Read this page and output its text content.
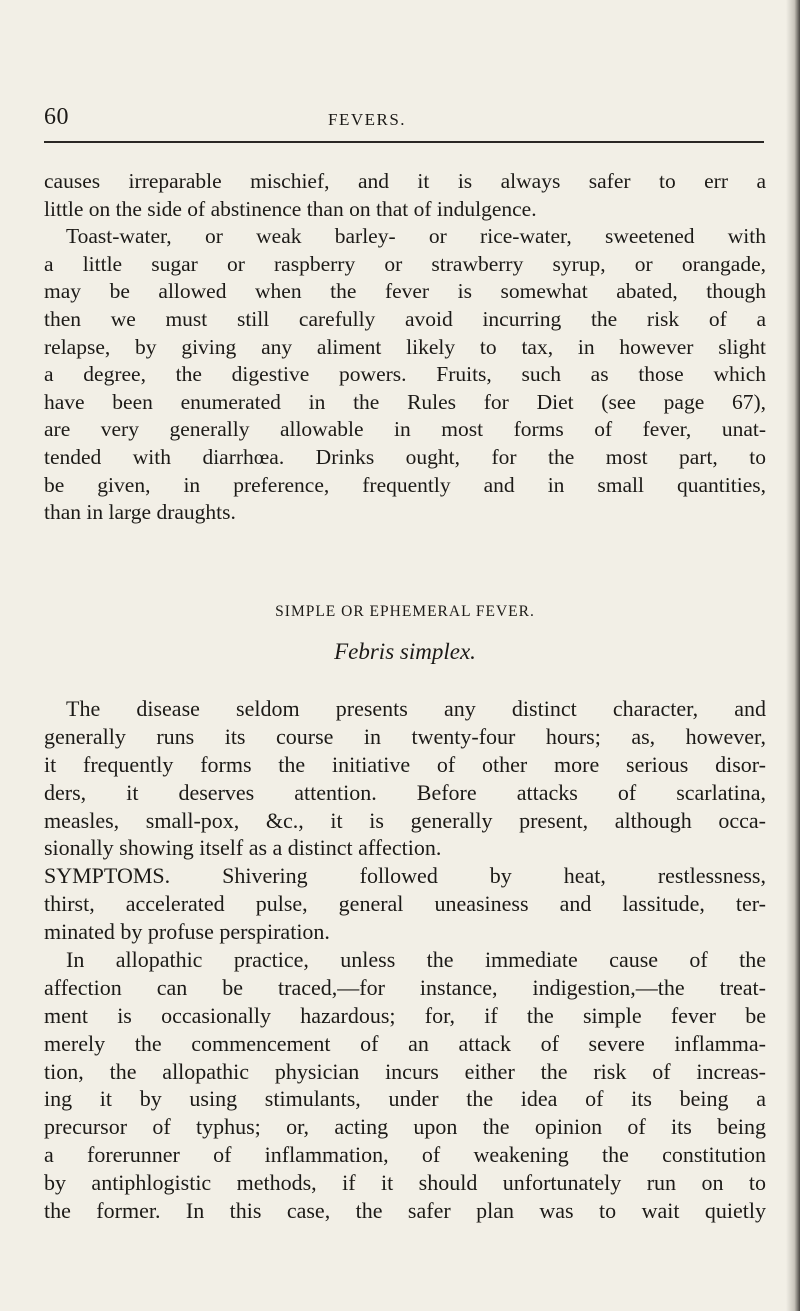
60	FEVERS.
causes irreparable mischief, and it is always safer to err a
little on the side of abstinence than on that of indulgence.
Toast-water, or weak barley- or rice-water, sweetened with
a little sugar or raspberry or strawberry syrup, or orangade,
may be allowed when the fever is somewhat abated, though
then we must still carefully avoid incurring the risk of a
relapse, by giving any aliment likely to tax, in however slight
a degree, the digestive powers. Fruits, such as those which
have been enumerated in the Rules for Diet (see page 67),
are very generally allowable in most forms of fever, unat-
tended with diarrhœa. Drinks ought, for the most part, to
be given, in preference, frequently and in small quantities,
than in large draughts.
SIMPLE OR EPHEMERAL FEVER.
Febris simplex.
The disease seldom presents any distinct character, and
generally runs its course in twenty-four hours; as, however,
it frequently forms the initiative of other more serious disor-
ders, it deserves attention. Before attacks of scarlatina,
measles, small-pox, &c., it is generally present, although occa-
sionally showing itself as a distinct affection.
SYMPTOMS. Shivering followed by heat, restlessness,
thirst, accelerated pulse, general uneasiness and lassitude, ter-
minated by profuse perspiration.
In allopathic practice, unless the immediate cause of the
affection can be traced,—for instance, indigestion,—the treat-
ment is occasionally hazardous; for, if the simple fever be
merely the commencement of an attack of severe inflamma-
tion, the allopathic physician incurs either the risk of increas-
ing it by using stimulants, under the idea of its being a
precursor of typhus; or, acting upon the opinion of its being
a forerunner of inflammation, of weakening the constitution
by antiphlogistic methods, if it should unfortunately run on to
the former. In this case, the safer plan was to wait quietly
